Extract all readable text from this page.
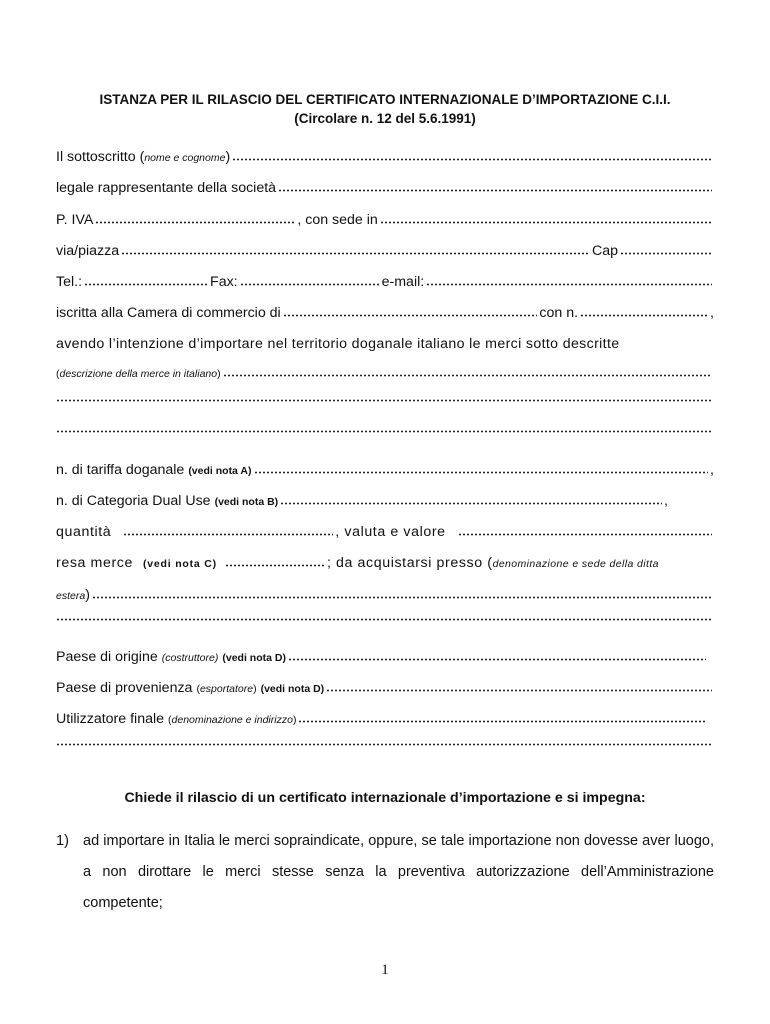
ISTANZA PER IL RILASCIO DEL CERTIFICATO INTERNAZIONALE D’IMPORTAZIONE C.I.I.
(Circolare n. 12 del 5.6.1991)
Il sottoscritto ( nome e cognome )
legale rappresentante della società
P. IVA	, con sede in
via/piazza	Cap
Tel.:	Fax:	e-mail:
iscritta alla Camera di commercio di	con n.	,
avendo l’intenzione d’importare nel territorio doganale italiano le merci sotto descritte
( descrizione della merce in italiano )
n. di tariffa doganale (vedi nota A)	,
n. di Categoria Dual Use (vedi nota B)	,
quantità	, valuta e valore
resa merce (vedi nota C)	; da acquistarsi presso ( denominazione e sede della ditta
estera )
Paese di origine (costruttore) (vedi nota D)
Paese di provenienza ( esportatore ) (vedi nota D)
Utilizzatore finale ( denominazione e indirizzo )
Chiede il rilascio di un certificato internazionale d’importazione e si impegna:
1) ad importare in Italia le merci sopraindicate, oppure, se tale importazione non dovesse aver luogo, a non dirottare le merci stesse senza la preventiva autorizzazione dell’Amministrazione competente;
1
